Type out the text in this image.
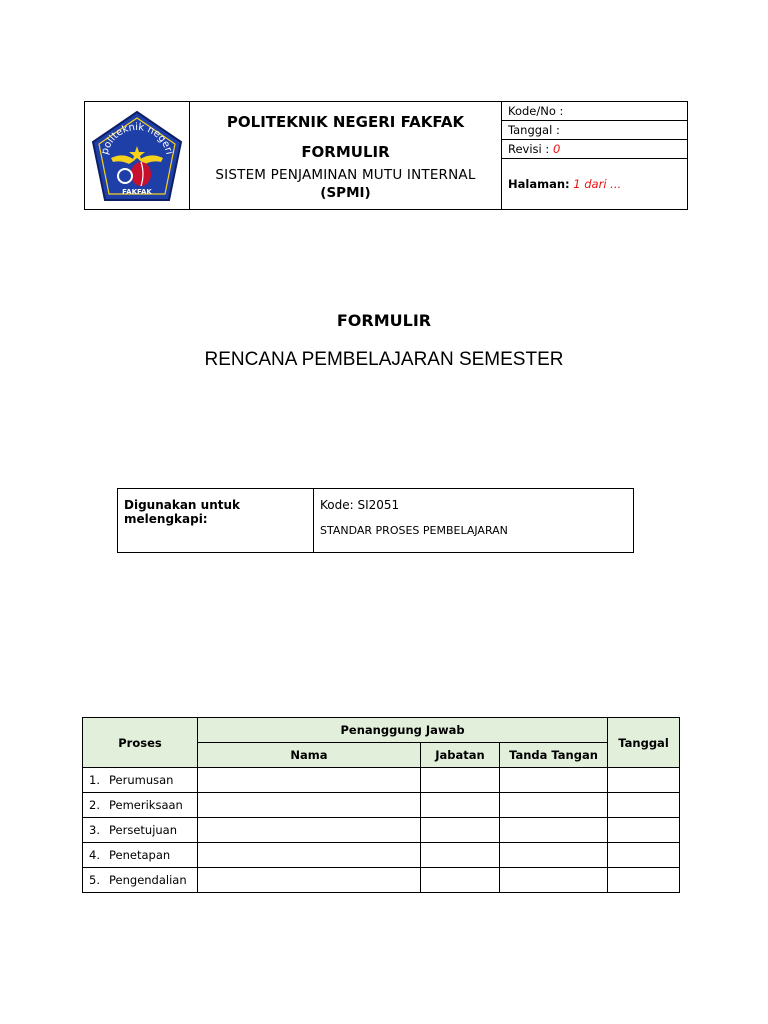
politeknik negeri
FAKFAK

POLITEKNIK NEGERI FAKFAK
FORMULIR
SISTEM PENJAMINAN MUTU INTERNAL
(SPMI)
	Kode/No :
Tanggal :
Revisi : 0
Halaman: 1 dari ...
FORMULIR
RENCANA PEMBELAJARAN SEMESTER
Digunakan untuk melengkapi:	
Kode: SI2051
STANDAR PROSES PEMBELAJARAN
Proses	Penanggung Jawab			Tanggal
	Nama	Jabatan	Tanda Tangan	
1. Perumusan				
2. Pemeriksaan				
3. Persetujuan				
4. Penetapan				
5. Pengendalian				
